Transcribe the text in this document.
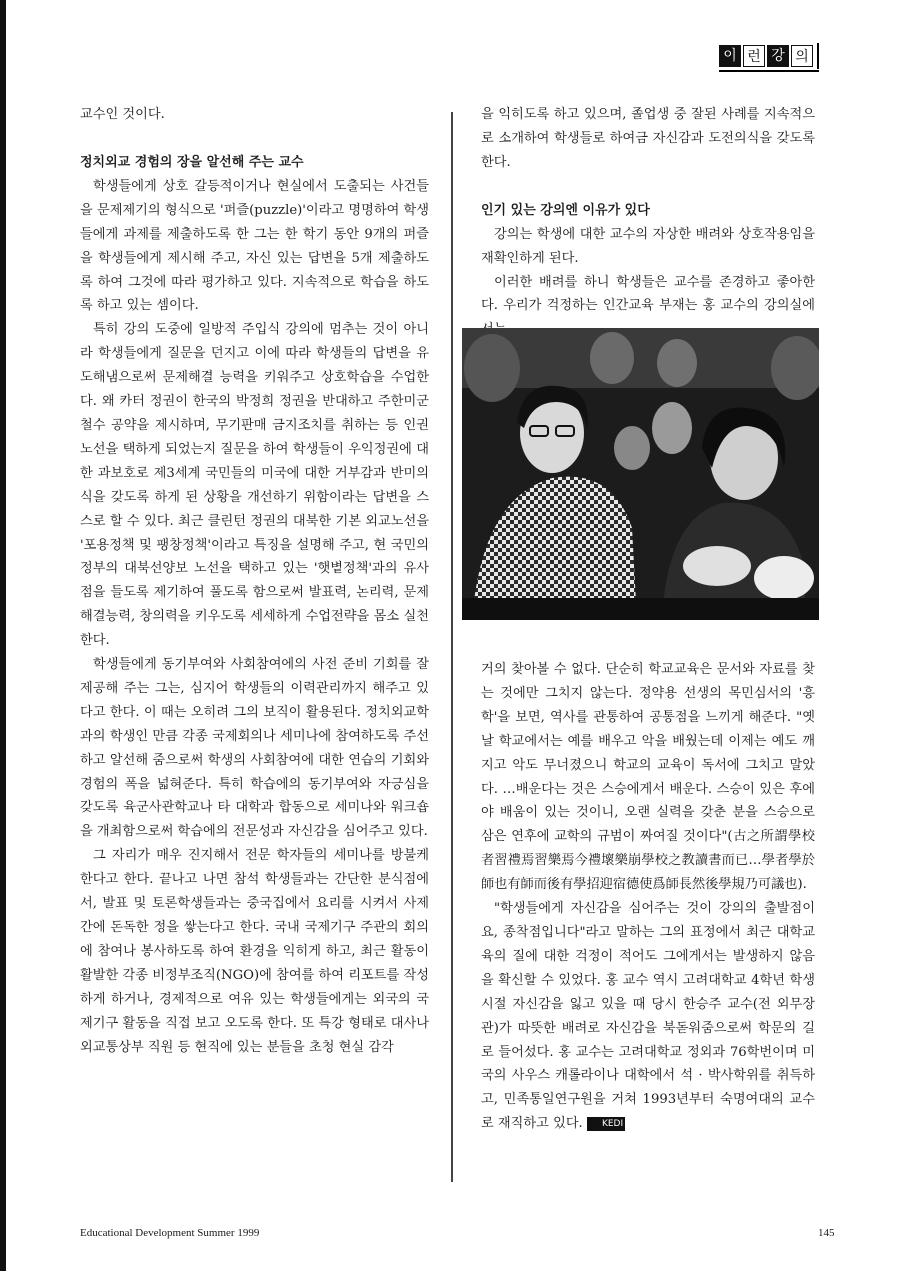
이 런 강 의

교수인 것이다.

정치외교 경험의 장을 알선해 주는 교수

학생들에게 상호 갈등적이거나 현실에서 도출되는 사건들을 문제제기의 형식으로 '퍼즐(puzzle)'이라고 명명하여 학생들에게 과제를 제출하도록 한 그는 한 학기 동안 9개의 퍼즐을 학생들에게 제시해 주고, 자신 있는 답변을 5개 제출하도록 하여 그것에 따라 평가하고 있다. 지속적으로 학습을 하도록 하고 있는 셈이다.

특히 강의 도중에 일방적 주입식 강의에 멈추는 것이 아니라 학생들에게 질문을 던지고 이에 따라 학생들의 답변을 유도해냄으로써 문제해결 능력을 키워주고 상호학습을 수업한다. 왜 카터 정권이 한국의 박정희 정권을 반대하고 주한미군 철수 공약을 제시하며, 무기판매 금지조치를 취하는 등 인권노선을 택하게 되었는지 질문을 하여 학생들이 우익정권에 대한 과보호로 제3세계 국민들의 미국에 대한 거부감과 반미의식을 갖도록 하게 된 상황을 개선하기 위함이라는 답변을 스스로 할 수 있다. 최근 클린턴 정권의 대북한 기본 외교노선을 '포용정책 및 팽창정책'이라고 특징을 설명해 주고, 현 국민의 정부의 대북선양보 노선을 택하고 있는 '햇볕정책'과의 유사점을 들도록 제기하여 풀도록 함으로써 발표력, 논리력, 문제해결능력, 창의력을 키우도록 세세하게 수업전략을 몸소 실천한다.

학생들에게 동기부여와 사회참여에의 사전 준비 기회를 잘 제공해 주는 그는, 심지어 학생들의 이력관리까지 해주고 있다고 한다. 이 때는 오히려 그의 보직이 활용된다. 정치외교학과의 학생인 만큼 각종 국제회의나 세미나에 참여하도록 주선하고 알선해 줌으로써 학생의 사회참여에 대한 연습의 기회와 경험의 폭을 넓혀준다. 특히 학습에의 동기부여와 자긍심을 갖도록 육군사관학교나 타 대학과 합동으로 세미나와 워크숍을 개최함으로써 학습에의 전문성과 자신감을 심어주고 있다.

그 자리가 매우 진지해서 전문 학자들의 세미나를 방불케 한다고 한다. 끝나고 나면 참석 학생들과는 간단한 분식점에서, 발표 및 토론학생들과는 중국집에서 요리를 시켜서 사제간에 돈독한 정을 쌓는다고 한다. 국내 국제기구 주관의 회의에 참여나 봉사하도록 하여 환경을 익히게 하고, 최근 활동이 활발한 각종 비정부조직(NGO)에 참여를 하여 리포트를 작성하게 하거나, 경제적으로 여유 있는 학생들에게는 외국의 국제기구 활동을 직접 보고 오도록 한다. 또 특강 형태로 대사나 외교통상부 직원 등 현직에 있는 분들을 초청 현실 감각

을 익히도록 하고 있으며, 졸업생 중 잘된 사례를 지속적으로 소개하여 학생들로 하여금 자신감과 도전의식을 갖도록 한다.

인기 있는 강의엔 이유가 있다

강의는 학생에 대한 교수의 자상한 배려와 상호작용임을 재확인하게 된다.

이러한 배려를 하니 학생들은 교수를 존경하고 좋아한다. 우리가 걱정하는 인간교육 부재는 홍 교수의 강의실에

거의 찾아볼 수 없다. 단순히 학교교육은 문서와 자료를 찾는 것에만 그치지 않는다. 정약용 선생의 목민심서의 '흥학'을 보면, 역사를 관통하여 공통점을 느끼게 해준다. "옛날 학교에서는 예를 배우고 악을 배웠는데 이제는 예도 깨지고 악도 무너졌으니 학교의 교육이 독서에 그치고 말았다. …배운다는 것은 스승에게서 배운다. 스승이 있은 후에야 배움이 있는 것이니, 오랜 실력을 갖춘 분을 스승으로 삼은 연후에 교학의 규범이 짜여질 것이다"(古之所謂學校者習禮焉習樂焉今禮壞樂崩學校之教讀書而已…學者學於師也有師而後有學招迎宿德使爲師長然後學規乃可議也).

"학생들에게 자신감을 심어주는 것이 강의의 출발점이요, 종착점입니다"라고 말하는 그의 표정에서 최근 대학교육의 질에 대한 걱정이 적어도 그에게서는 발생하지 않음을 확신할 수 있었다. 홍 교수 역시 고려대학교 4학년 학생 시절 자신감을 잃고 있을 때 당시 한승주 교수(전 외무장관)가 따뜻한 배려로 자신감을 북돋워줌으로써 학문의 길로 들어섰다. 홍 교수는 고려대학교 정외과 76학번이며 미국의 사우스 캐롤라이나 대학에서 석 · 박사학위를 취득하고, 민족통일연구원을 거쳐 1993년부터 숙명여대의 교수로 재직하고 있다. KEDI

Educational Development Summer 1999	145
